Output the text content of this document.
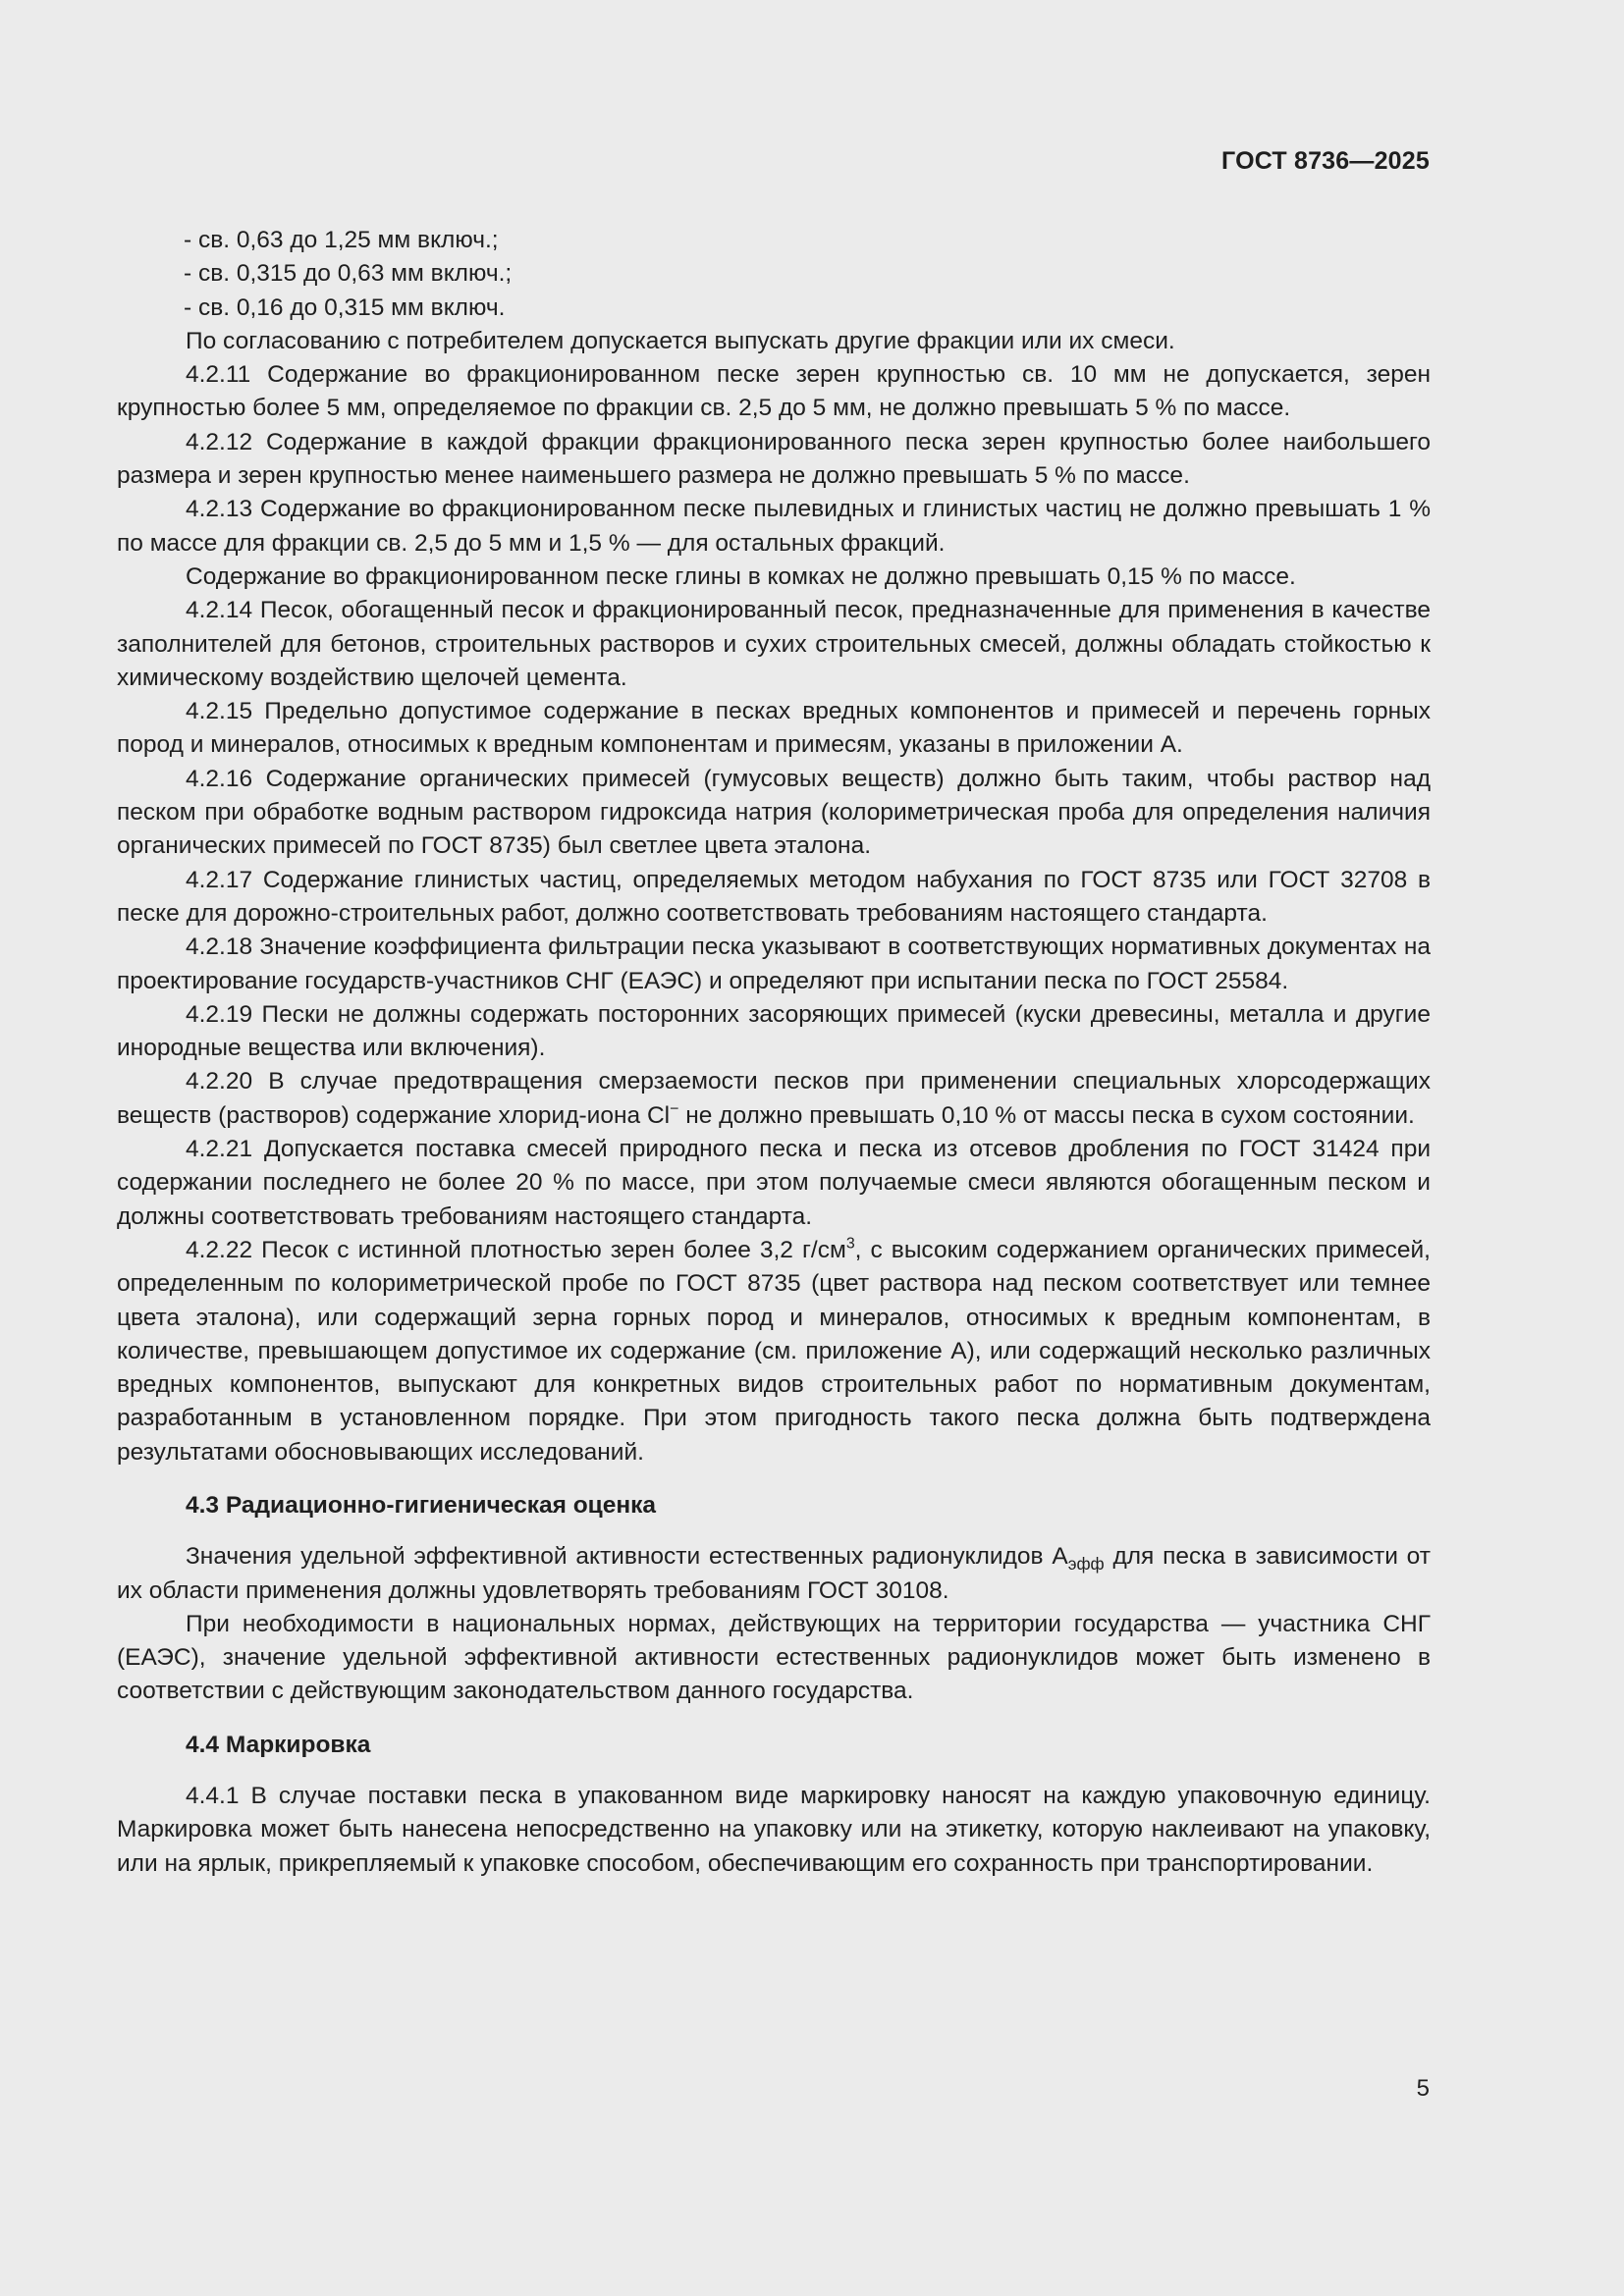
ГОСТ 8736—2025

- св. 0,63 до 1,25 мм включ.;

- св. 0,315 до 0,63 мм включ.;

- св. 0,16 до 0,315 мм включ.

По согласованию с потребителем допускается выпускать другие фракции или их смеси.

4.2.11 Содержание во фракционированном песке зерен крупностью св. 10 мм не допускается, зерен крупностью более 5 мм, определяемое по фракции св. 2,5 до 5 мм, не должно превышать 5 % по массе.

4.2.12 Содержание в каждой фракции фракционированного песка зерен крупностью более наибольшего размера и зерен крупностью менее наименьшего размера не должно превышать 5 % по массе.

4.2.13 Содержание во фракционированном песке пылевидных и глинистых частиц не должно превышать 1 % по массе для фракции св. 2,5 до 5 мм и 1,5 % — для остальных фракций.

Содержание во фракционированном песке глины в комках не должно превышать 0,15 % по массе.

4.2.14 Песок, обогащенный песок и фракционированный песок, предназначенные для применения в качестве заполнителей для бетонов, строительных растворов и сухих строительных смесей, должны обладать стойкостью к химическому воздействию щелочей цемента.

4.2.15 Предельно допустимое содержание в песках вредных компонентов и примесей и перечень горных пород и минералов, относимых к вредным компонентам и примесям, указаны в приложении А.

4.2.16 Содержание органических примесей (гумусовых веществ) должно быть таким, чтобы раствор над песком при обработке водным раствором гидроксида натрия (колориметрическая проба для определения наличия органических примесей по ГОСТ 8735) был светлее цвета эталона.

4.2.17 Содержание глинистых частиц, определяемых методом набухания по ГОСТ 8735 или ГОСТ 32708 в песке для дорожно-строительных работ, должно соответствовать требованиям настоящего стандарта.

4.2.18 Значение коэффициента фильтрации песка указывают в соответствующих нормативных документах на проектирование государств-участников СНГ (ЕАЭС) и определяют при испытании песка по ГОСТ 25584.

4.2.19 Пески не должны содержать посторонних засоряющих примесей (куски древесины, металла и другие инородные вещества или включения).

4.2.20 В случае предотвращения смерзаемости песков при применении специальных хлорсодержащих веществ (растворов) содержание хлорид-иона Cl− не должно превышать 0,10 % от массы песка в сухом состоянии.

4.2.21 Допускается поставка смесей природного песка и песка из отсевов дробления по ГОСТ 31424 при содержании последнего не более 20 % по массе, при этом получаемые смеси являются обогащенным песком и должны соответствовать требованиям настоящего стандарта.

4.2.22 Песок с истинной плотностью зерен более 3,2 $г/см^3$, с высоким содержанием органических примесей, определенным по колориметрической пробе по ГОСТ 8735 (цвет раствора над песком соответствует или темнее цвета эталона), или содержащий зерна горных пород и минералов, относимых к вредным компонентам, в количестве, превышающем допустимое их содержание (см. приложение А), или содержащий несколько различных вредных компонентов, выпускают для конкретных видов строительных работ по нормативным документам, разработанным в установленном порядке. При этом пригодность такого песка должна быть подтверждена результатами обосновывающих исследований.

4.3 Радиационно-гигиеническая оценка

Значения удельной эффективной активности естественных радионуклидов $А_{эфф}$ для песка в зависимости от их области применения должны удовлетворять требованиям ГОСТ 30108.

При необходимости в национальных нормах, действующих на территории государства — участника СНГ (ЕАЭС), значение удельной эффективной активности естественных радионуклидов может быть изменено в соответствии с действующим законодательством данного государства.

4.4 Маркировка

4.4.1 В случае поставки песка в упакованном виде маркировку наносят на каждую упаковочную единицу. Маркировка может быть нанесена непосредственно на упаковку или на этикетку, которую наклеивают на упаковку, или на ярлык, прикрепляемый к упаковке способом, обеспечивающим его сохранность при транспортировании.

5
